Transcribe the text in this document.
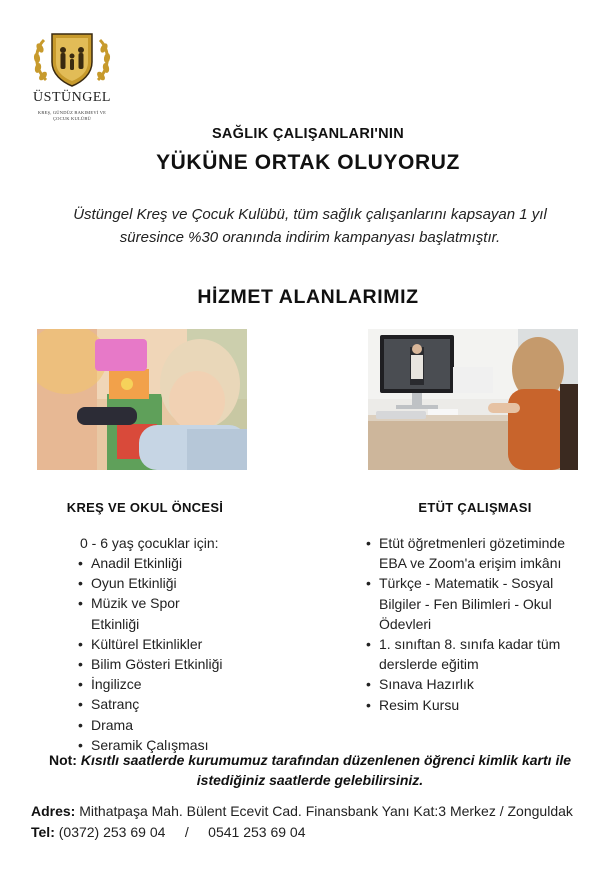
ÜSTÜNGEL
KREŞ, GÜNDÜZ BAKIMEVİ VE
ÇOCUK KULÜBÜ
SAĞLIK ÇALIŞANLARI'NIN
YÜKÜNE ORTAK OLUYORUZ
Üstüngel Kreş ve Çocuk Kulübü, tüm sağlık çalışanlarını kapsayan 1 yıl
süresince %30 oranında indirim kampanyası başlatmıştır.
HİZMET ALANLARIMIZ
KREŞ VE OKUL ÖNCESİ	ETÜT ÇALIŞMASI
0 - 6 yaş çocuklar için:
• Anadil Etkinliği
• Oyun Etkinliği
• Müzik ve Spor Etkinliği
• Kültürel Etkinlikler
• Bilim Gösteri Etkinliği
• İngilizce
• Satranç
• Drama
• Seramik Çalışması
• Etüt öğretmenleri gözetiminde EBA ve Zoom'a erişim imkânı
• Türkçe - Matematik - Sosyal Bilgiler - Fen Bilimleri - Okul Ödevleri
• 1. sınıftan 8. sınıfa kadar tüm derslerde eğitim
• Sınava Hazırlık
• Resim Kursu
Not: Kısıtlı saatlerde kurumumuz tarafından düzenlenen öğrenci kimlik kartı ile
istediğiniz saatlerde gelebilirsiniz.
Adres: Mithatpaşa Mah. Bülent Ecevit Cad. Finansbank Yanı Kat:3 Merkez / Zonguldak
Tel: (0372) 253 69 04     /     0541 253 69 04
